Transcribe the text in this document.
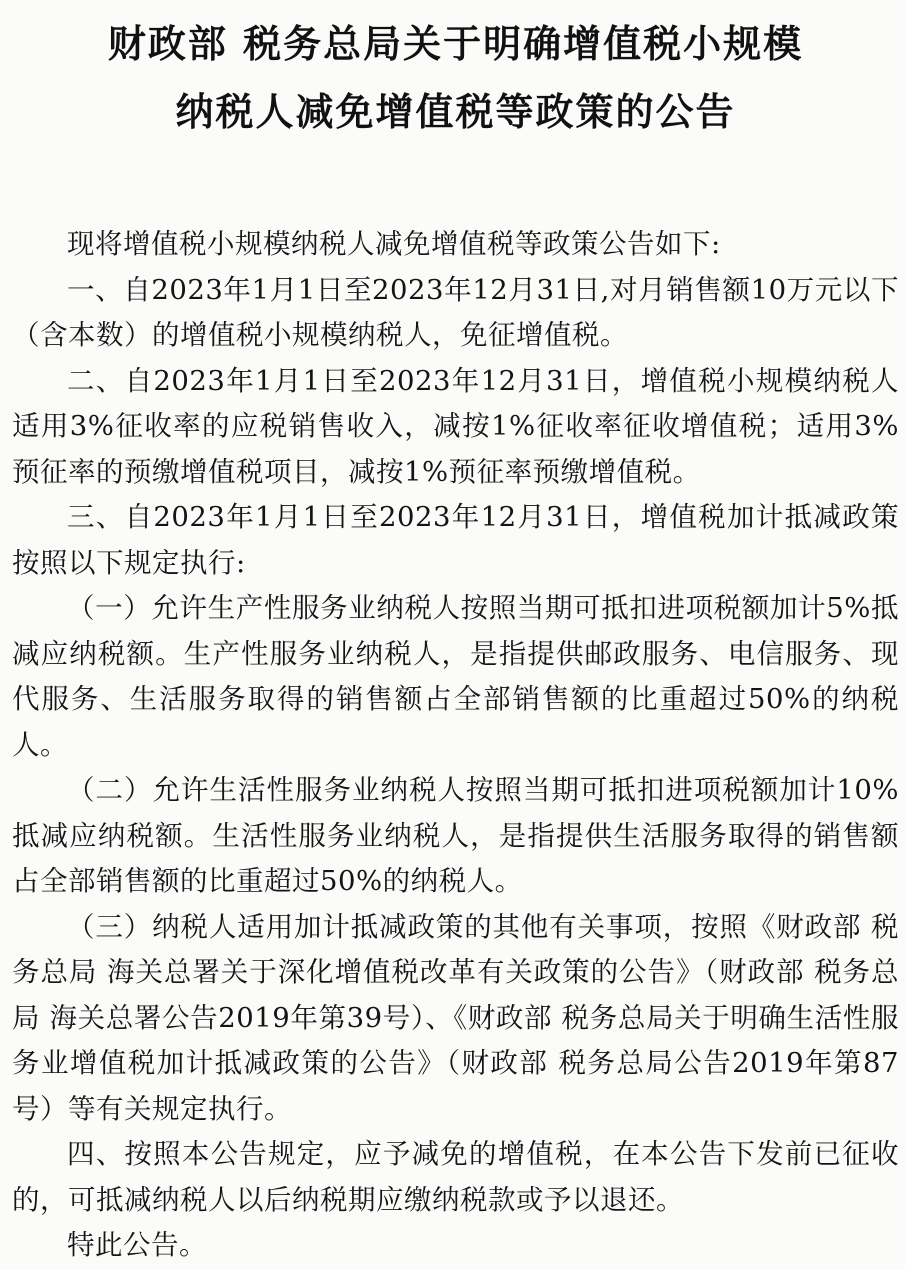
财政部 税务总局关于明确增值税小规模
纳税人减免增值税等政策的公告

现将增值税小规模纳税人减免增值税等政策公告如下:

一、自2023年1月1日至2023年12月31日,对月销售额10万元以下（含本数）的增值税小规模纳税人，免征增值税。

二、自2023年1月1日至2023年12月31日，增值税小规模纳税人适用3%征收率的应税销售收入，减按1%征收率征收增值税；适用3%预征率的预缴增值税项目，减按1%预征率预缴增值税。

三、自2023年1月1日至2023年12月31日，增值税加计抵减政策按照以下规定执行:

（一）允许生产性服务业纳税人按照当期可抵扣进项税额加计5%抵减应纳税额。生产性服务业纳税人，是指提供邮政服务、电信服务、现代服务、生活服务取得的销售额占全部销售额的比重超过50%的纳税人。

（二）允许生活性服务业纳税人按照当期可抵扣进项税额加计10%抵减应纳税额。生活性服务业纳税人，是指提供生活服务取得的销售额占全部销售额的比重超过50%的纳税人。

（三）纳税人适用加计抵减政策的其他有关事项，按照《财政部 税务总局 海关总署关于深化增值税改革有关政策的公告》（财政部 税务总局 海关总署公告2019年第39号）、《财政部 税务总局关于明确生活性服务业增值税加计抵减政策的公告》（财政部 税务总局公告2019年第87号）等有关规定执行。

四、按照本公告规定，应予减免的增值税，在本公告下发前已征收的，可抵减纳税人以后纳税期应缴纳税款或予以退还。

特此公告。
